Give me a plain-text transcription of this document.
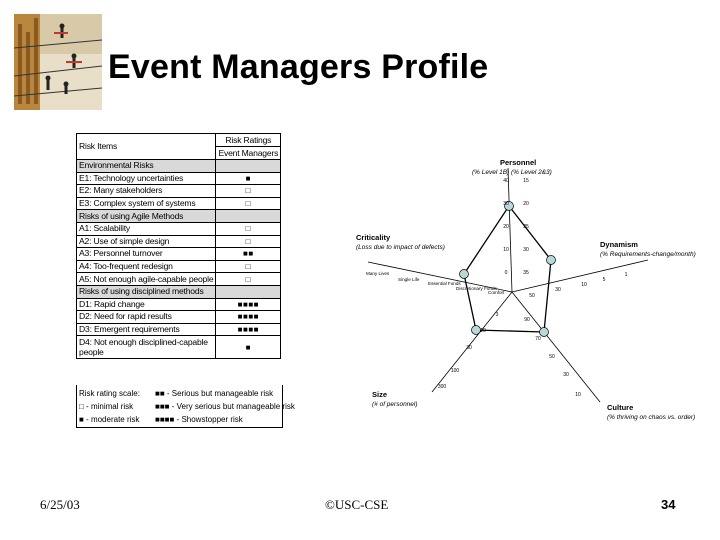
Event Managers Profile
Risk Items	Risk Ratings
	Event Managers
Environmental Risks	
E1: Technology uncertainties	■
E2: Many stakeholders	□
E3: Complex system of systems	□
Risks of using Agile Methods	
A1: Scalability	□
A2: Use of simple design	□
A3: Personnel turnover	■■
A4: Too-frequent redesign	□
A5: Not enough agile-capable people	□
Risks of using disciplined methods	
D1: Rapid change	■■■■
D2: Need for rapid results	■■■■
D3: Emergent requirements	■■■■
D4: Not enough disciplined-capable people	■
Risk rating scale:
□ - minimal risk
■ - moderate risk
■■ - Serious but manageable risk
■■■ - Very serious but manageable risk
■■■■ - Showstopper risk
Personnel
(% Level 1B) (% Level 2&3)
Dynamism
(% Requirements-change/month)
Culture
(% thriving on chaos vs. order)
Size
(# of personnel)
Criticality
(Loss due to impact of defects)
40
30
20
10
0
15
20
25
30
35
50
30
10
5
1
90
70
50
30
10
3
10
30
100
300
Many Lives
Single Life
Essential Funds
Discretionary Funds
Comfort
6/25/03	©USC-CSE	34
